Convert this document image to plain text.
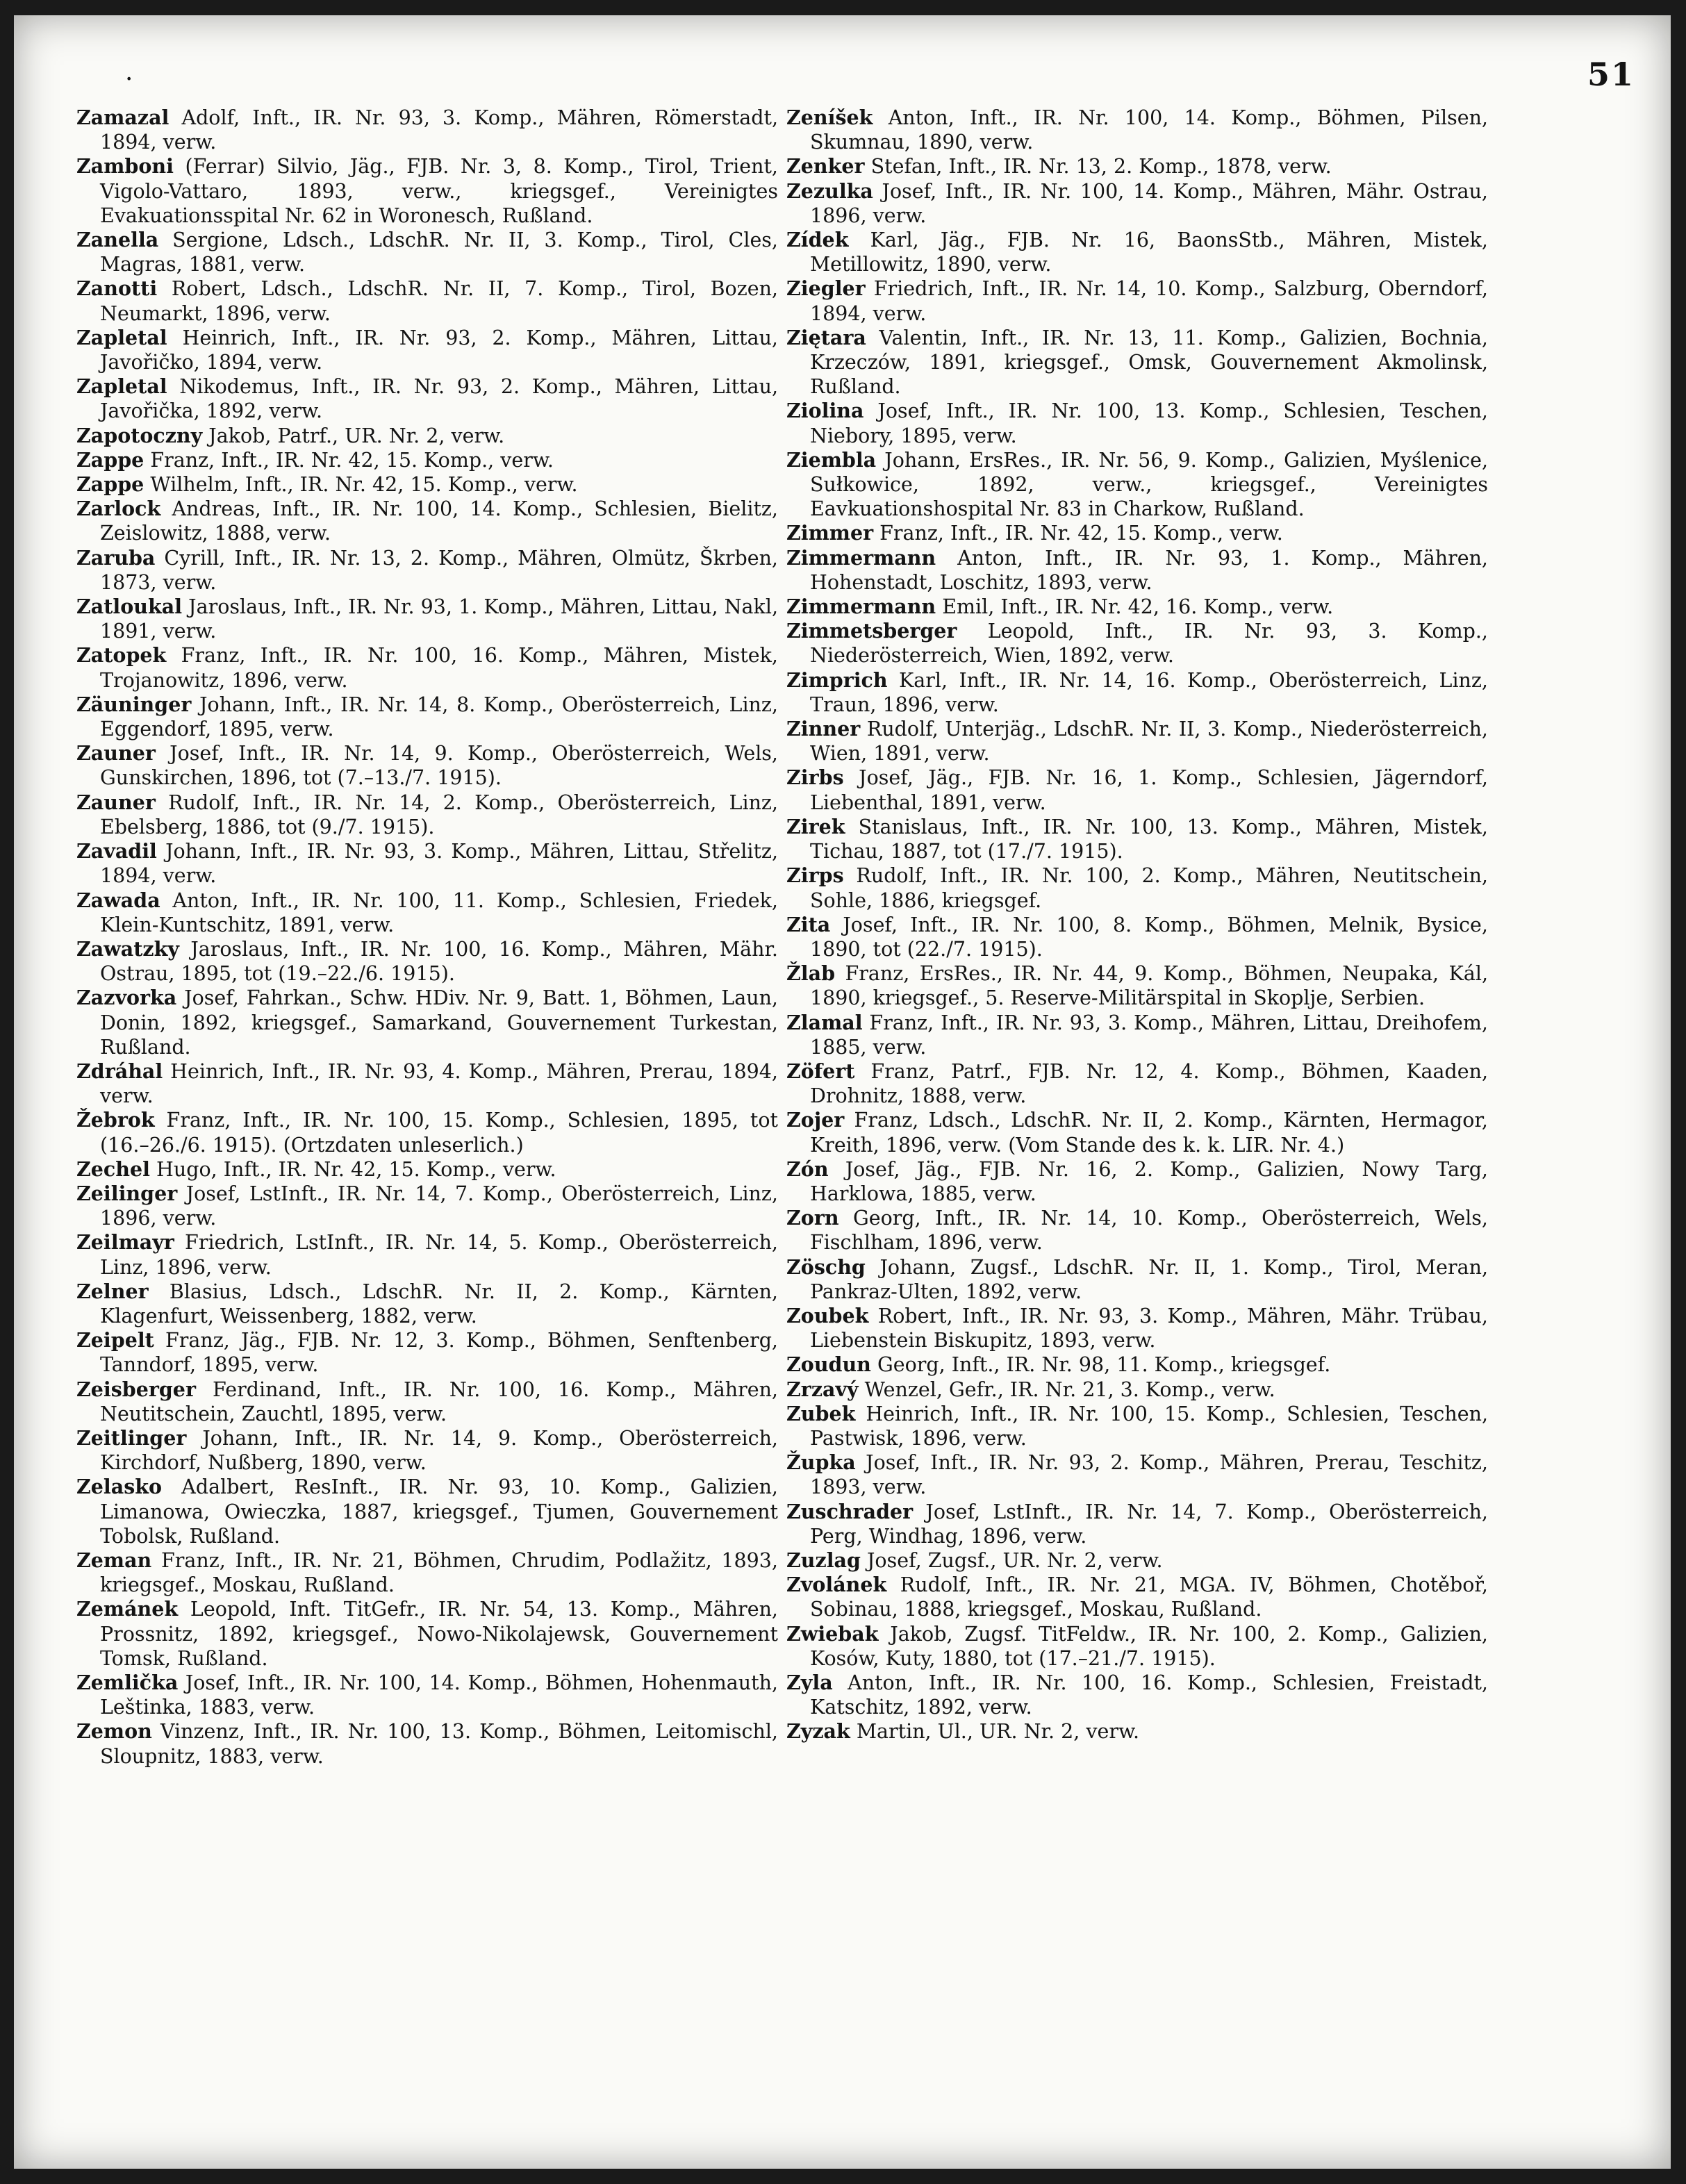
·	51
Zamazal Adolf, Inft., IR. Nr. 93, 3. Komp., Mähren, Römerstadt, 1894, verw.
Zamboni (Ferrar) Silvio, Jäg., FJB. Nr. 3, 8. Komp., Tirol, Trient, Vigolo-Vattaro, 1893, verw., kriegsgef., Vereinigtes Evakuationsspital Nr. 62 in Woronesch, Rußland.
Zanella Sergione, Ldsch., LdschR. Nr. II, 3. Komp., Tirol, Cles, Magras, 1881, verw.
Zanotti Robert, Ldsch., LdschR. Nr. II, 7. Komp., Tirol, Bozen, Neumarkt, 1896, verw.
Zapletal Heinrich, Inft., IR. Nr. 93, 2. Komp., Mähren, Littau, Javořičko, 1894, verw.
Zapletal Nikodemus, Inft., IR. Nr. 93, 2. Komp., Mähren, Littau, Javořička, 1892, verw.
Zapotoczny Jakob, Patrf., UR. Nr. 2, verw.
Zappe Franz, Inft., IR. Nr. 42, 15. Komp., verw.
Zappe Wilhelm, Inft., IR. Nr. 42, 15. Komp., verw.
Zarlock Andreas, Inft., IR. Nr. 100, 14. Komp., Schlesien, Bielitz, Zeislowitz, 1888, verw.
Zaruba Cyrill, Inft., IR. Nr. 13, 2. Komp., Mähren, Olmütz, Škrben, 1873, verw.
Zatloukal Jaroslaus, Inft., IR. Nr. 93, 1. Komp., Mähren, Littau, Nakl, 1891, verw.
Zatopek Franz, Inft., IR. Nr. 100, 16. Komp., Mähren, Mistek, Trojanowitz, 1896, verw.
Zäuninger Johann, Inft., IR. Nr. 14, 8. Komp., Oberösterreich, Linz, Eggendorf, 1895, verw.
Zauner Josef, Inft., IR. Nr. 14, 9. Komp., Oberösterreich, Wels, Gunskirchen, 1896, tot (7.–13./7. 1915).
Zauner Rudolf, Inft., IR. Nr. 14, 2. Komp., Oberösterreich, Linz, Ebelsberg, 1886, tot (9./7. 1915).
Zavadil Johann, Inft., IR. Nr. 93, 3. Komp., Mähren, Littau, Střelitz, 1894, verw.
Zawada Anton, Inft., IR. Nr. 100, 11. Komp., Schlesien, Friedek, Klein-Kuntschitz, 1891, verw.
Zawatzky Jaroslaus, Inft., IR. Nr. 100, 16. Komp., Mähren, Mähr. Ostrau, 1895, tot (19.–22./6. 1915).
Zazvorka Josef, Fahrkan., Schw. HDiv. Nr. 9, Batt. 1, Böhmen, Laun, Donin, 1892, kriegsgef., Samarkand, Gouvernement Turkestan, Rußland.
Zdráhal Heinrich, Inft., IR. Nr. 93, 4. Komp., Mähren, Prerau, 1894, verw.
Žebrok Franz, Inft., IR. Nr. 100, 15. Komp., Schlesien, 1895, tot (16.–26./6. 1915). (Ortzdaten unleserlich.)
Zechel Hugo, Inft., IR. Nr. 42, 15. Komp., verw.
Zeilinger Josef, LstInft., IR. Nr. 14, 7. Komp., Oberösterreich, Linz, 1896, verw.
Zeilmayr Friedrich, LstInft., IR. Nr. 14, 5. Komp., Oberösterreich, Linz, 1896, verw.
Zelner Blasius, Ldsch., LdschR. Nr. II, 2. Komp., Kärnten, Klagenfurt, Weissenberg, 1882, verw.
Zeipelt Franz, Jäg., FJB. Nr. 12, 3. Komp., Böhmen, Senftenberg, Tanndorf, 1895, verw.
Zeisberger Ferdinand, Inft., IR. Nr. 100, 16. Komp., Mähren, Neutitschein, Zauchtl, 1895, verw.
Zeitlinger Johann, Inft., IR. Nr. 14, 9. Komp., Oberösterreich, Kirchdorf, Nußberg, 1890, verw.
Zelasko Adalbert, ResInft., IR. Nr. 93, 10. Komp., Galizien, Limanowa, Owieczka, 1887, kriegsgef., Tjumen, Gouvernement Tobolsk, Rußland.
Zeman Franz, Inft., IR. Nr. 21, Böhmen, Chrudim, Podlažitz, 1893, kriegsgef., Moskau, Rußland.
Zemánek Leopold, Inft. TitGefr., IR. Nr. 54, 13. Komp., Mähren, Prossnitz, 1892, kriegsgef., Nowo-Nikolajewsk, Gouvernement Tomsk, Rußland.
Zemlička Josef, Inft., IR. Nr. 100, 14. Komp., Böhmen, Hohenmauth, Leštinka, 1883, verw.
Zemon Vinzenz, Inft., IR. Nr. 100, 13. Komp., Böhmen, Leitomischl, Sloupnitz, 1883, verw.
Zeníšek Anton, Inft., IR. Nr. 100, 14. Komp., Böhmen, Pilsen, Skumnau, 1890, verw.
Zenker Stefan, Inft., IR. Nr. 13, 2. Komp., 1878, verw.
Zezulka Josef, Inft., IR. Nr. 100, 14. Komp., Mähren, Mähr. Ostrau, 1896, verw.
Zídek Karl, Jäg., FJB. Nr. 16, BaonsStb., Mähren, Mistek, Metillowitz, 1890, verw.
Ziegler Friedrich, Inft., IR. Nr. 14, 10. Komp., Salzburg, Oberndorf, 1894, verw.
Ziętara Valentin, Inft., IR. Nr. 13, 11. Komp., Galizien, Bochnia, Krzeczów, 1891, kriegsgef., Omsk, Gouvernement Akmolinsk, Rußland.
Ziolina Josef, Inft., IR. Nr. 100, 13. Komp., Schlesien, Teschen, Niebory, 1895, verw.
Ziembla Johann, ErsRes., IR. Nr. 56, 9. Komp., Galizien, Myślenice, Sułkowice, 1892, verw., kriegsgef., Vereinigtes Eavkuationshospital Nr. 83 in Charkow, Rußland.
Zimmer Franz, Inft., IR. Nr. 42, 15. Komp., verw.
Zimmermann Anton, Inft., IR. Nr. 93, 1. Komp., Mähren, Hohenstadt, Loschitz, 1893, verw.
Zimmermann Emil, Inft., IR. Nr. 42, 16. Komp., verw.
Zimmetsberger Leopold, Inft., IR. Nr. 93, 3. Komp., Niederösterreich, Wien, 1892, verw.
Zimprich Karl, Inft., IR. Nr. 14, 16. Komp., Oberösterreich, Linz, Traun, 1896, verw.
Zinner Rudolf, Unterjäg., LdschR. Nr. II, 3. Komp., Niederösterreich, Wien, 1891, verw.
Zirbs Josef, Jäg., FJB. Nr. 16, 1. Komp., Schlesien, Jägerndorf, Liebenthal, 1891, verw.
Zirek Stanislaus, Inft., IR. Nr. 100, 13. Komp., Mähren, Mistek, Tichau, 1887, tot (17./7. 1915).
Zirps Rudolf, Inft., IR. Nr. 100, 2. Komp., Mähren, Neutitschein, Sohle, 1886, kriegsgef.
Zita Josef, Inft., IR. Nr. 100, 8. Komp., Böhmen, Melnik, Bysice, 1890, tot (22./7. 1915).
Žlab Franz, ErsRes., IR. Nr. 44, 9. Komp., Böhmen, Neupaka, Kál, 1890, kriegsgef., 5. Reserve-Militärspital in Skoplje, Serbien.
Zlamal Franz, Inft., IR. Nr. 93, 3. Komp., Mähren, Littau, Dreihofem, 1885, verw.
Zöfert Franz, Patrf., FJB. Nr. 12, 4. Komp., Böhmen, Kaaden, Drohnitz, 1888, verw.
Zojer Franz, Ldsch., LdschR. Nr. II, 2. Komp., Kärnten, Hermagor, Kreith, 1896, verw. (Vom Stande des k. k. LIR. Nr. 4.)
Zón Josef, Jäg., FJB. Nr. 16, 2. Komp., Galizien, Nowy Targ, Harklowa, 1885, verw.
Zorn Georg, Inft., IR. Nr. 14, 10. Komp., Oberösterreich, Wels, Fischlham, 1896, verw.
Zöschg Johann, Zugsf., LdschR. Nr. II, 1. Komp., Tirol, Meran, Pankraz-Ulten, 1892, verw.
Zoubek Robert, Inft., IR. Nr. 93, 3. Komp., Mähren, Mähr. Trübau, Liebenstein Biskupitz, 1893, verw.
Zoudun Georg, Inft., IR. Nr. 98, 11. Komp., kriegsgef.
Zrzavý Wenzel, Gefr., IR. Nr. 21, 3. Komp., verw.
Zubek Heinrich, Inft., IR. Nr. 100, 15. Komp., Schlesien, Teschen, Pastwisk, 1896, verw.
Župka Josef, Inft., IR. Nr. 93, 2. Komp., Mähren, Prerau, Teschitz, 1893, verw.
Zuschrader Josef, LstInft., IR. Nr. 14, 7. Komp., Oberösterreich, Perg, Windhag, 1896, verw.
Zuzlag Josef, Zugsf., UR. Nr. 2, verw.
Zvolánek Rudolf, Inft., IR. Nr. 21, MGA. IV, Böhmen, Chotěboř, Sobinau, 1888, kriegsgef., Moskau, Rußland.
Zwiebak Jakob, Zugsf. TitFeldw., IR. Nr. 100, 2. Komp., Galizien, Kosów, Kuty, 1880, tot (17.–21./7. 1915).
Zyla Anton, Inft., IR. Nr. 100, 16. Komp., Schlesien, Freistadt, Katschitz, 1892, verw.
Zyzak Martin, Ul., UR. Nr. 2, verw.
